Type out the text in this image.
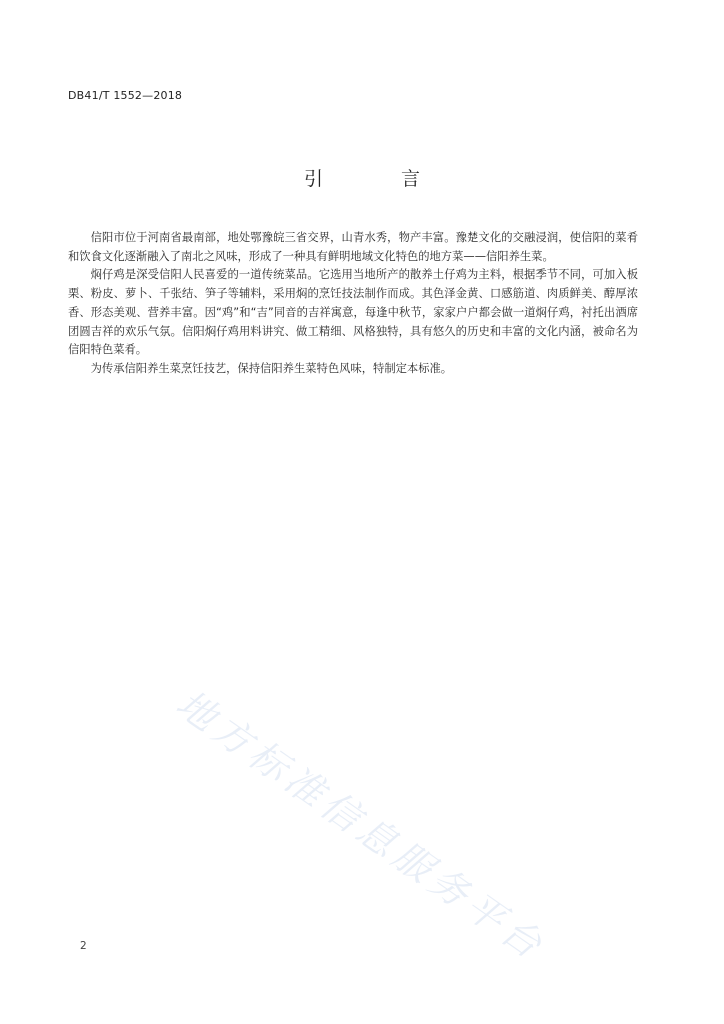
DB41/T 1552—2018
引 言

信阳市位于河南省最南部，地处鄂豫皖三省交界，山青水秀，物产丰富。豫楚文化的交融浸润，使信阳的菜肴和饮食文化逐渐融入了南北之风味，形成了一种具有鲜明地域文化特色的地方菜——信阳养生菜。

焖仔鸡是深受信阳人民喜爱的一道传统菜品。它选用当地所产的散养土仔鸡为主料，根据季节不同，可加入板栗、粉皮、萝卜、千张结、笋子等辅料，采用焖的烹饪技法制作而成。其色泽金黄、口感筋道、肉质鲜美、醇厚浓香、形态美观、营养丰富。因“鸡”和“吉”同音的吉祥寓意，每逢中秋节，家家户户都会做一道焖仔鸡，衬托出酒席团圆吉祥的欢乐气氛。信阳焖仔鸡用料讲究、做工精细、风格独特，具有悠久的历史和丰富的文化内涵，被命名为信阳特色菜肴。

为传承信阳养生菜烹饪技艺，保持信阳养生菜特色风味，特制定本标准。

地方标准信息服务平台
2
